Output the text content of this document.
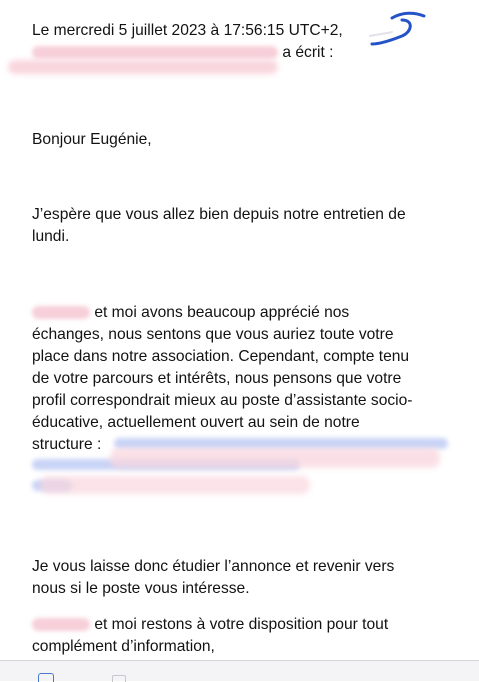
Le mercredi 5 juillet 2023 à 17:56:15 UTC+2,
a écrit :
Bonjour Eugénie,
J’espère que vous allez bien depuis notre entretien de
lundi.
et moi avons beaucoup apprécié nos
échanges, nous sentons que vous auriez toute votre
place dans notre association. Cependant, compte tenu
de votre parcours et intérêts, nous pensons que votre
profil correspondrait mieux au poste d’assistante socio-
éducative, actuellement ouvert au sein de notre
structure :
Je vous laisse donc étudier l’annonce et revenir vers
nous si le poste vous intéresse.
et moi restons à votre disposition pour tout
complément d’information,
